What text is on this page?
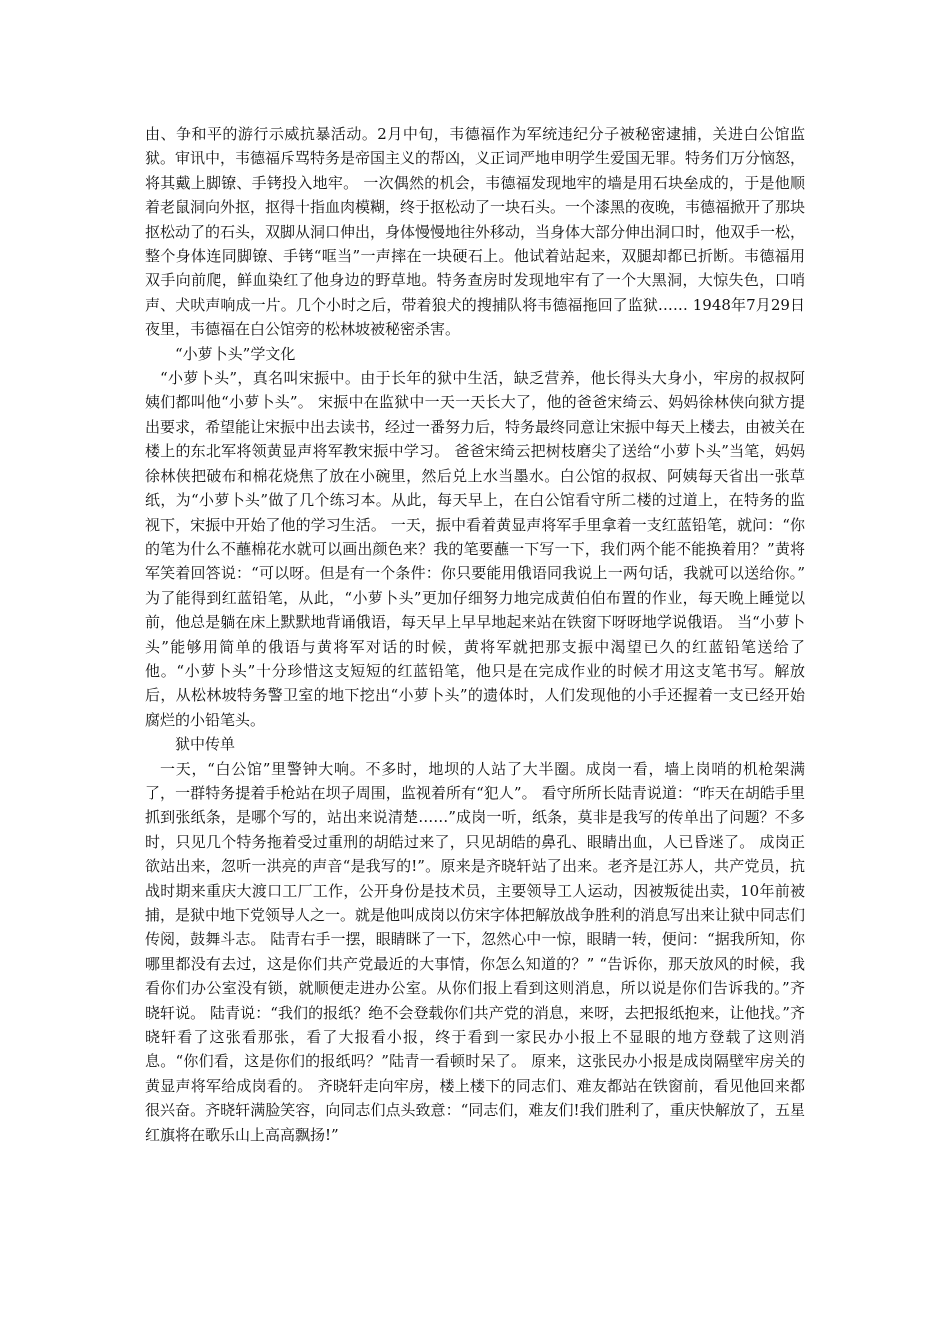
由、争和平的游行示威抗暴活动。2月中旬，韦德福作为军统违纪分子被秘密逮捕，关进白公馆监狱。审讯中，韦德福斥骂特务是帝国主义的帮凶，义正词严地申明学生爱国无罪。特务们万分恼怒，将其戴上脚镣、手铐投入地牢。 一次偶然的机会，韦德福发现地牢的墙是用石块垒成的，于是他顺着老鼠洞向外抠，抠得十指血肉模糊，终于抠松动了一块石头。一个漆黑的夜晚，韦德福掀开了那块抠松动了的石头，双脚从洞口伸出，身体慢慢地往外移动，当身体大部分伸出洞口时，他双手一松，整个身体连同脚镣、手铐“哐当”一声摔在一块硬石上。他试着站起来，双腿却都已折断。韦德福用双手向前爬，鲜血染红了他身边的野草地。特务查房时发现地牢有了一个大黑洞，大惊失色，口哨声、犬吠声响成一片。几个小时之后，带着狼犬的搜捕队将韦德福拖回了监狱…… 1948年7月29日夜里，韦德福在白公馆旁的松林坡被秘密杀害。

“小萝卜头”学文化

“小萝卜头”，真名叫宋振中。由于长年的狱中生活，缺乏营养，他长得头大身小，牢房的叔叔阿姨们都叫他“小萝卜头”。 宋振中在监狱中一天一天长大了，他的爸爸宋绮云、妈妈徐林侠向狱方提出要求，希望能让宋振中出去读书，经过一番努力后，特务最终同意让宋振中每天上楼去，由被关在楼上的东北军将领黄显声将军教宋振中学习。 爸爸宋绮云把树枝磨尖了送给“小萝卜头”当笔，妈妈徐林侠把破布和棉花烧焦了放在小碗里，然后兑上水当墨水。白公馆的叔叔、阿姨每天省出一张草纸，为“小萝卜头”做了几个练习本。从此，每天早上，在白公馆看守所二楼的过道上，在特务的监视下，宋振中开始了他的学习生活。 一天，振中看着黄显声将军手里拿着一支红蓝铅笔，就问：“你的笔为什么不蘸棉花水就可以画出颜色来？我的笔要蘸一下写一下，我们两个能不能换着用？”黄将军笑着回答说：“可以呀。但是有一个条件：你只要能用俄语同我说上一两句话，我就可以送给你。” 为了能得到红蓝铅笔，从此，“小萝卜头”更加仔细努力地完成黄伯伯布置的作业，每天晚上睡觉以前，他总是躺在床上默默地背诵俄语，每天早上早早地起来站在铁窗下呀呀地学说俄语。 当“小萝卜头”能够用简单的俄语与黄将军对话的时候，黄将军就把那支振中渴望已久的红蓝铅笔送给了他。“小萝卜头”十分珍惜这支短短的红蓝铅笔，他只是在完成作业的时候才用这支笔书写。解放后，从松林坡特务警卫室的地下挖出“小萝卜头”的遗体时，人们发现他的小手还握着一支已经开始腐烂的小铅笔头。

狱中传单

一天，“白公馆”里警钟大响。不多时，地坝的人站了大半圈。成岗一看，墙上岗哨的机枪架满了，一群特务提着手枪站在坝子周围，监视着所有“犯人”。 看守所所长陆青说道：“昨天在胡皓手里抓到张纸条，是哪个写的，站出来说清楚……”成岗一听，纸条，莫非是我写的传单出了问题？不多时，只见几个特务拖着受过重刑的胡皓过来了，只见胡皓的鼻孔、眼睛出血，人已昏迷了。 成岗正欲站出来，忽听一洪亮的声音“是我写的!”。原来是齐晓轩站了出来。老齐是江苏人，共产党员，抗战时期来重庆大渡口工厂工作，公开身份是技术员，主要领导工人运动，因被叛徒出卖，10年前被捕，是狱中地下党领导人之一。就是他叫成岗以仿宋字体把解放战争胜利的消息写出来让狱中同志们传阅，鼓舞斗志。 陆青右手一摆，眼睛眯了一下，忽然心中一惊，眼睛一转，便问：“据我所知，你哪里都没有去过，这是你们共产党最近的大事情，你怎么知道的？” “告诉你，那天放风的时候，我看你们办公室没有锁，就顺便走进办公室。从你们报上看到这则消息，所以说是你们告诉我的。”齐晓轩说。 陆青说：“我们的报纸？绝不会登载你们共产党的消息，来呀，去把报纸抱来，让他找。”齐晓轩看了这张看那张，看了大报看小报，终于看到一家民办小报上不显眼的地方登载了这则消息。“你们看，这是你们的报纸吗？”陆青一看顿时呆了。 原来，这张民办小报是成岗隔壁牢房关的黄显声将军给成岗看的。 齐晓轩走向牢房，楼上楼下的同志们、难友都站在铁窗前，看见他回来都很兴奋。齐晓轩满脸笑容，向同志们点头致意：“同志们，难友们!我们胜利了，重庆快解放了，五星红旗将在歌乐山上高高飘扬!”
